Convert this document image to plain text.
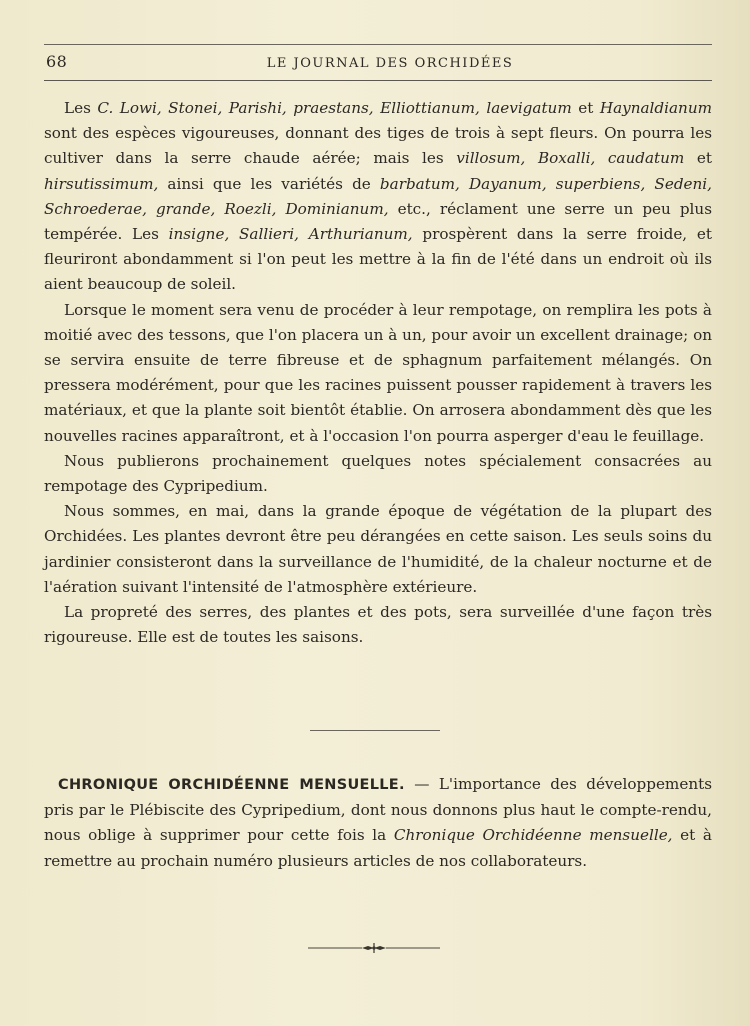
68	LE JOURNAL DES ORCHIDÉES

Les C. Lowi, Stonei, Parishi, praestans, Elliottianum, laevigatum et Haynaldianum sont des espèces vigoureuses, donnant des tiges de trois à sept fleurs. On pourra les cultiver dans la serre chaude aérée; mais les villosum, Boxalli, caudatum et hirsutissimum, ainsi que les variétés de barbatum, Dayanum, superbiens, Sedeni, Schroederae, grande, Roezli, Dominianum, etc., réclament une serre un peu plus tempérée. Les insigne, Sallieri, Arthurianum, prospèrent dans la serre froide, et fleuriront abondamment si l'on peut les mettre à la fin de l'été dans un endroit où ils aient beaucoup de soleil.

Lorsque le moment sera venu de procéder à leur rempotage, on remplira les pots à moitié avec des tessons, que l'on placera un à un, pour avoir un excellent drainage; on se servira ensuite de terre fibreuse et de sphagnum parfaitement mélangés. On pressera modérément, pour que les racines puissent pousser rapidement à travers les matériaux, et que la plante soit bientôt établie. On arrosera abondamment dès que les nouvelles racines apparaîtront, et à l'occasion l'on pourra asperger d'eau le feuillage.

Nous publierons prochainement quelques notes spécialement consacrées au rempotage des Cypripedium.

Nous sommes, en mai, dans la grande époque de végétation de la plupart des Orchidées. Les plantes devront être peu dérangées en cette saison. Les seuls soins du jardinier consisteront dans la surveillance de l'humidité, de la chaleur nocturne et de l'aération suivant l'intensité de l'atmosphère extérieure.

La propreté des serres, des plantes et des pots, sera surveillée d'une façon très rigoureuse. Elle est de toutes les saisons.

CHRONIQUE ORCHIDÉENNE MENSUELLE. — L'importance des développements pris par le Plébiscite des Cypripedium, dont nous donnons plus haut le compte-rendu, nous oblige à supprimer pour cette fois la Chronique Orchidéenne mensuelle, et à remettre au prochain numéro plusieurs articles de nos collaborateurs.
